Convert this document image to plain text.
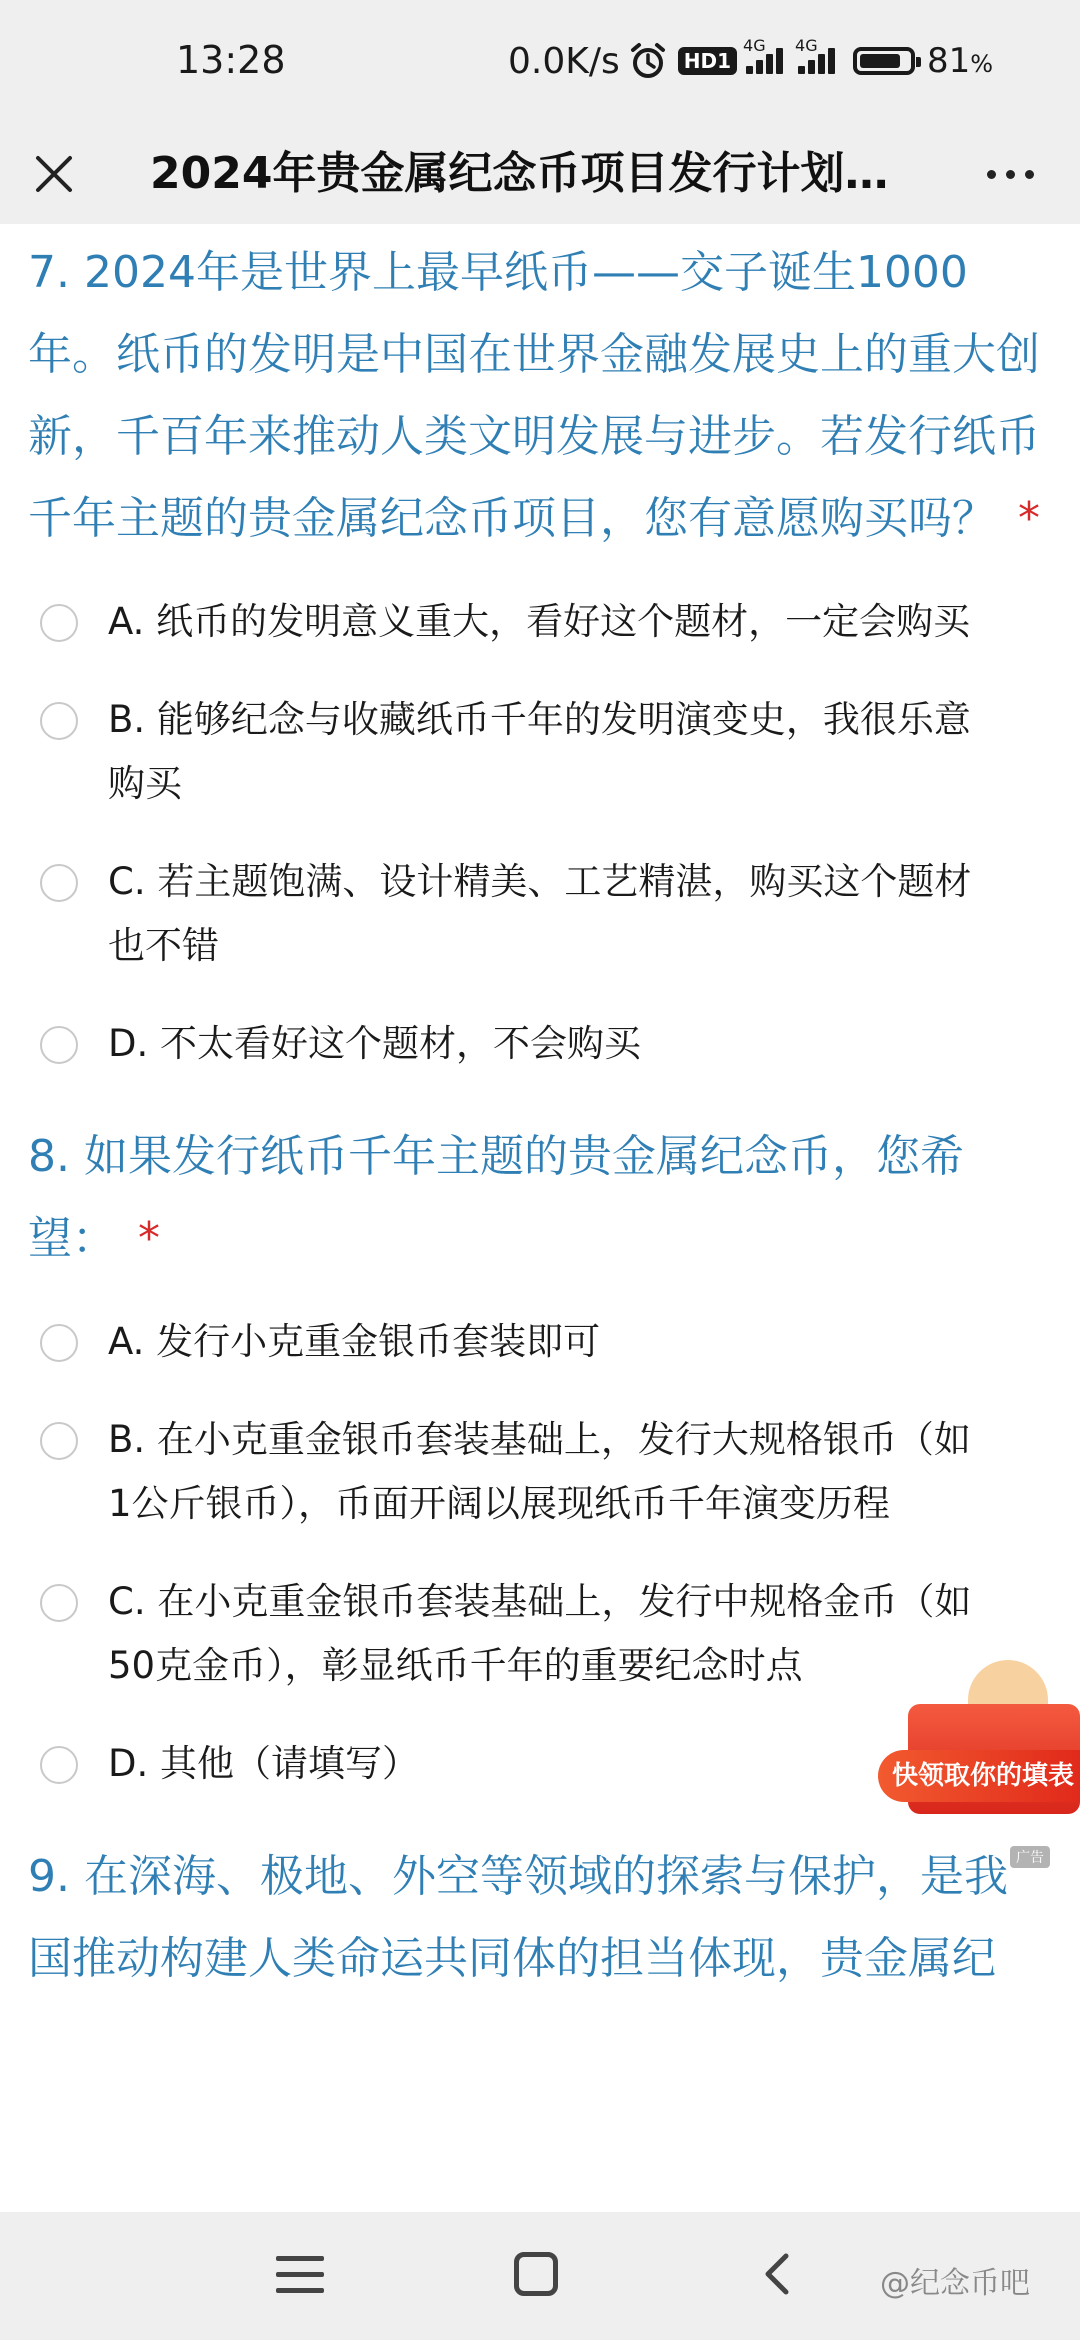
13:28	0.0K/s	HD1
4G 4G	81%
2024年贵金属纪念币项目发行计划…
7. 2024年是世界上最早纸币——交子诞生1000年。纸币的发明是中国在世界金融发展史上的重大创新，千百年来推动人类文明发展与进步。若发行纸币千年主题的贵金属纪念币项目，您有意愿购买吗？ *
A. 纸币的发明意义重大，看好这个题材，一定会购买
B. 能够纪念与收藏纸币千年的发明演变史，我很乐意购买
C. 若主题饱满、设计精美、工艺精湛，购买这个题材也不错
D. 不太看好这个题材，不会购买
8. 如果发行纸币千年主题的贵金属纪念币，您希望： *
A. 发行小克重金银币套装即可
B. 在小克重金银币套装基础上，发行大规格银币（如1公斤银币），币面开阔以展现纸币千年演变历程
C. 在小克重金银币套装基础上，发行中规格金币（如50克金币），彰显纸币千年的重要纪念时点
D. 其他（请填写）
9. 在深海、极地、外空等领域的探索与保护，是我国推动构建人类命运共同体的担当体现，贵金属纪
快领取你的填表
广告
@纪念币吧
